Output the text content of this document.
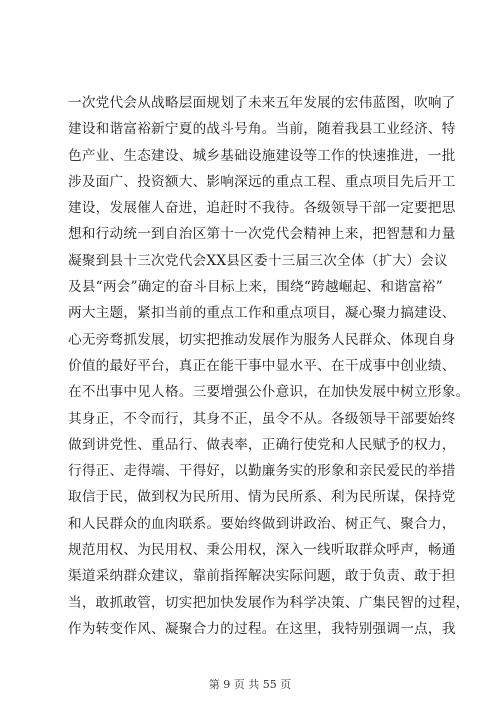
一次党代会从战略层面规划了未来五年发展的宏伟蓝图，吹响了
建设和谐富裕新宁夏的战斗号角。当前，随着我县工业经济、特
色产业、生态建设、城乡基础设施建设等工作的快速推进，一批
涉及面广、投资额大、影响深远的重点工程、重点项目先后开工
建设，发展催人奋进，追赶时不我待。各级领导干部一定要把思
想和行动统一到自治区第十一次党代会精神上来，把智慧和力量
凝聚到县十三次党代会XX县区委十三届三次全体（扩大）会议
及县“两会”确定的奋斗目标上来，围绕“跨越崛起、和谐富裕”
两大主题，紧扣当前的重点工作和重点项目，凝心聚力搞建设、
心无旁骛抓发展，切实把推动发展作为服务人民群众、体现自身
价值的最好平台，真正在能干事中显水平、在干成事中创业绩、
在不出事中见人格。三要增强公仆意识，在加快发展中树立形象。
其身正，不令而行，其身不正，虽令不从。各级领导干部要始终
做到讲党性、重品行、做表率，正确行使党和人民赋予的权力，
行得正、走得端、干得好，以勤廉务实的形象和亲民爱民的举措
取信于民，做到权为民所用、情为民所系、利为民所谋，保持党
和人民群众的血肉联系。要始终做到讲政治、树正气、聚合力，
规范用权、为民用权、秉公用权，深入一线听取群众呼声，畅通
渠道采纳群众建议，靠前指挥解决实际问题，敢于负责、敢于担
当，敢抓敢管，切实把加快发展作为科学决策、广集民智的过程，
作为转变作风、凝聚合力的过程。在这里，我特别强调一点，我
第 9 页 共 55 页
